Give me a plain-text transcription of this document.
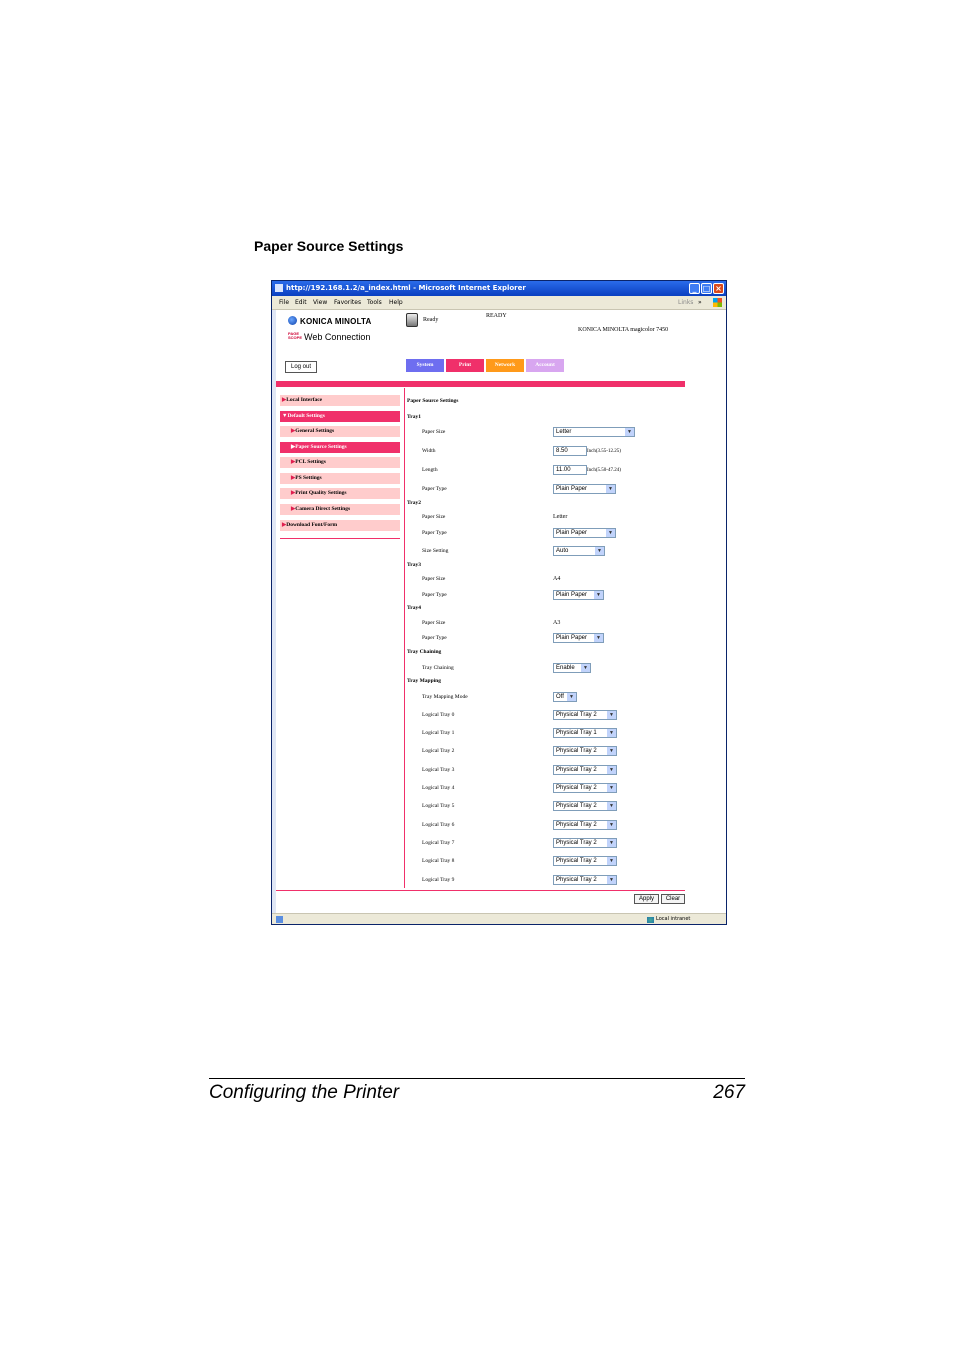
Paper Source Settings
http://192.168.1.2/a_index.html - Microsoft Internet Explorer	_ □ ×
File Edit View Favorites Tools Help	Links »
KONICA MINOLTA
PAGE
SCOPE Web Connection
Ready
READY
KONICA MINOLTA magicolor 7450
Log out	System	Print	Network	Account
▶Local Interface
▼Default Settings
▶General Settings
▶Paper Source Settings
▶PCL Settings
▶PS Settings
▶Print Quality Settings
▶Camera Direct Settings
▶Download Font/Form
Paper Source Settings
Tray1
Paper Size	Letter	▼
Width	8.50	Inch(3.55-12.25)
Length	11.00	Inch(5.50-47.24)
Paper Type	Plain Paper	▼
Tray2
Paper Size	Letter
Paper Type	Plain Paper	▼
Size Setting	Auto	▼
Tray3
Paper Size	A4
Paper Type	Plain Paper	▼
Tray4
Paper Size	A3
Paper Type	Plain Paper	▼
Tray Chaining
Tray Chaining	Enable	▼
Tray Mapping
Tray Mapping Mode	Off	▼
Logical Tray 0	Physical Tray 2	▼
Logical Tray 1	Physical Tray 1	▼
Logical Tray 2	Physical Tray 2	▼
Logical Tray 3	Physical Tray 2	▼
Logical Tray 4	Physical Tray 2	▼
Logical Tray 5	Physical Tray 2	▼
Logical Tray 6	Physical Tray 2	▼
Logical Tray 7	Physical Tray 2	▼
Logical Tray 8	Physical Tray 2	▼
Logical Tray 9	Physical Tray 2	▼
Apply	Clear
Local intranet
Configuring the Printer	267
